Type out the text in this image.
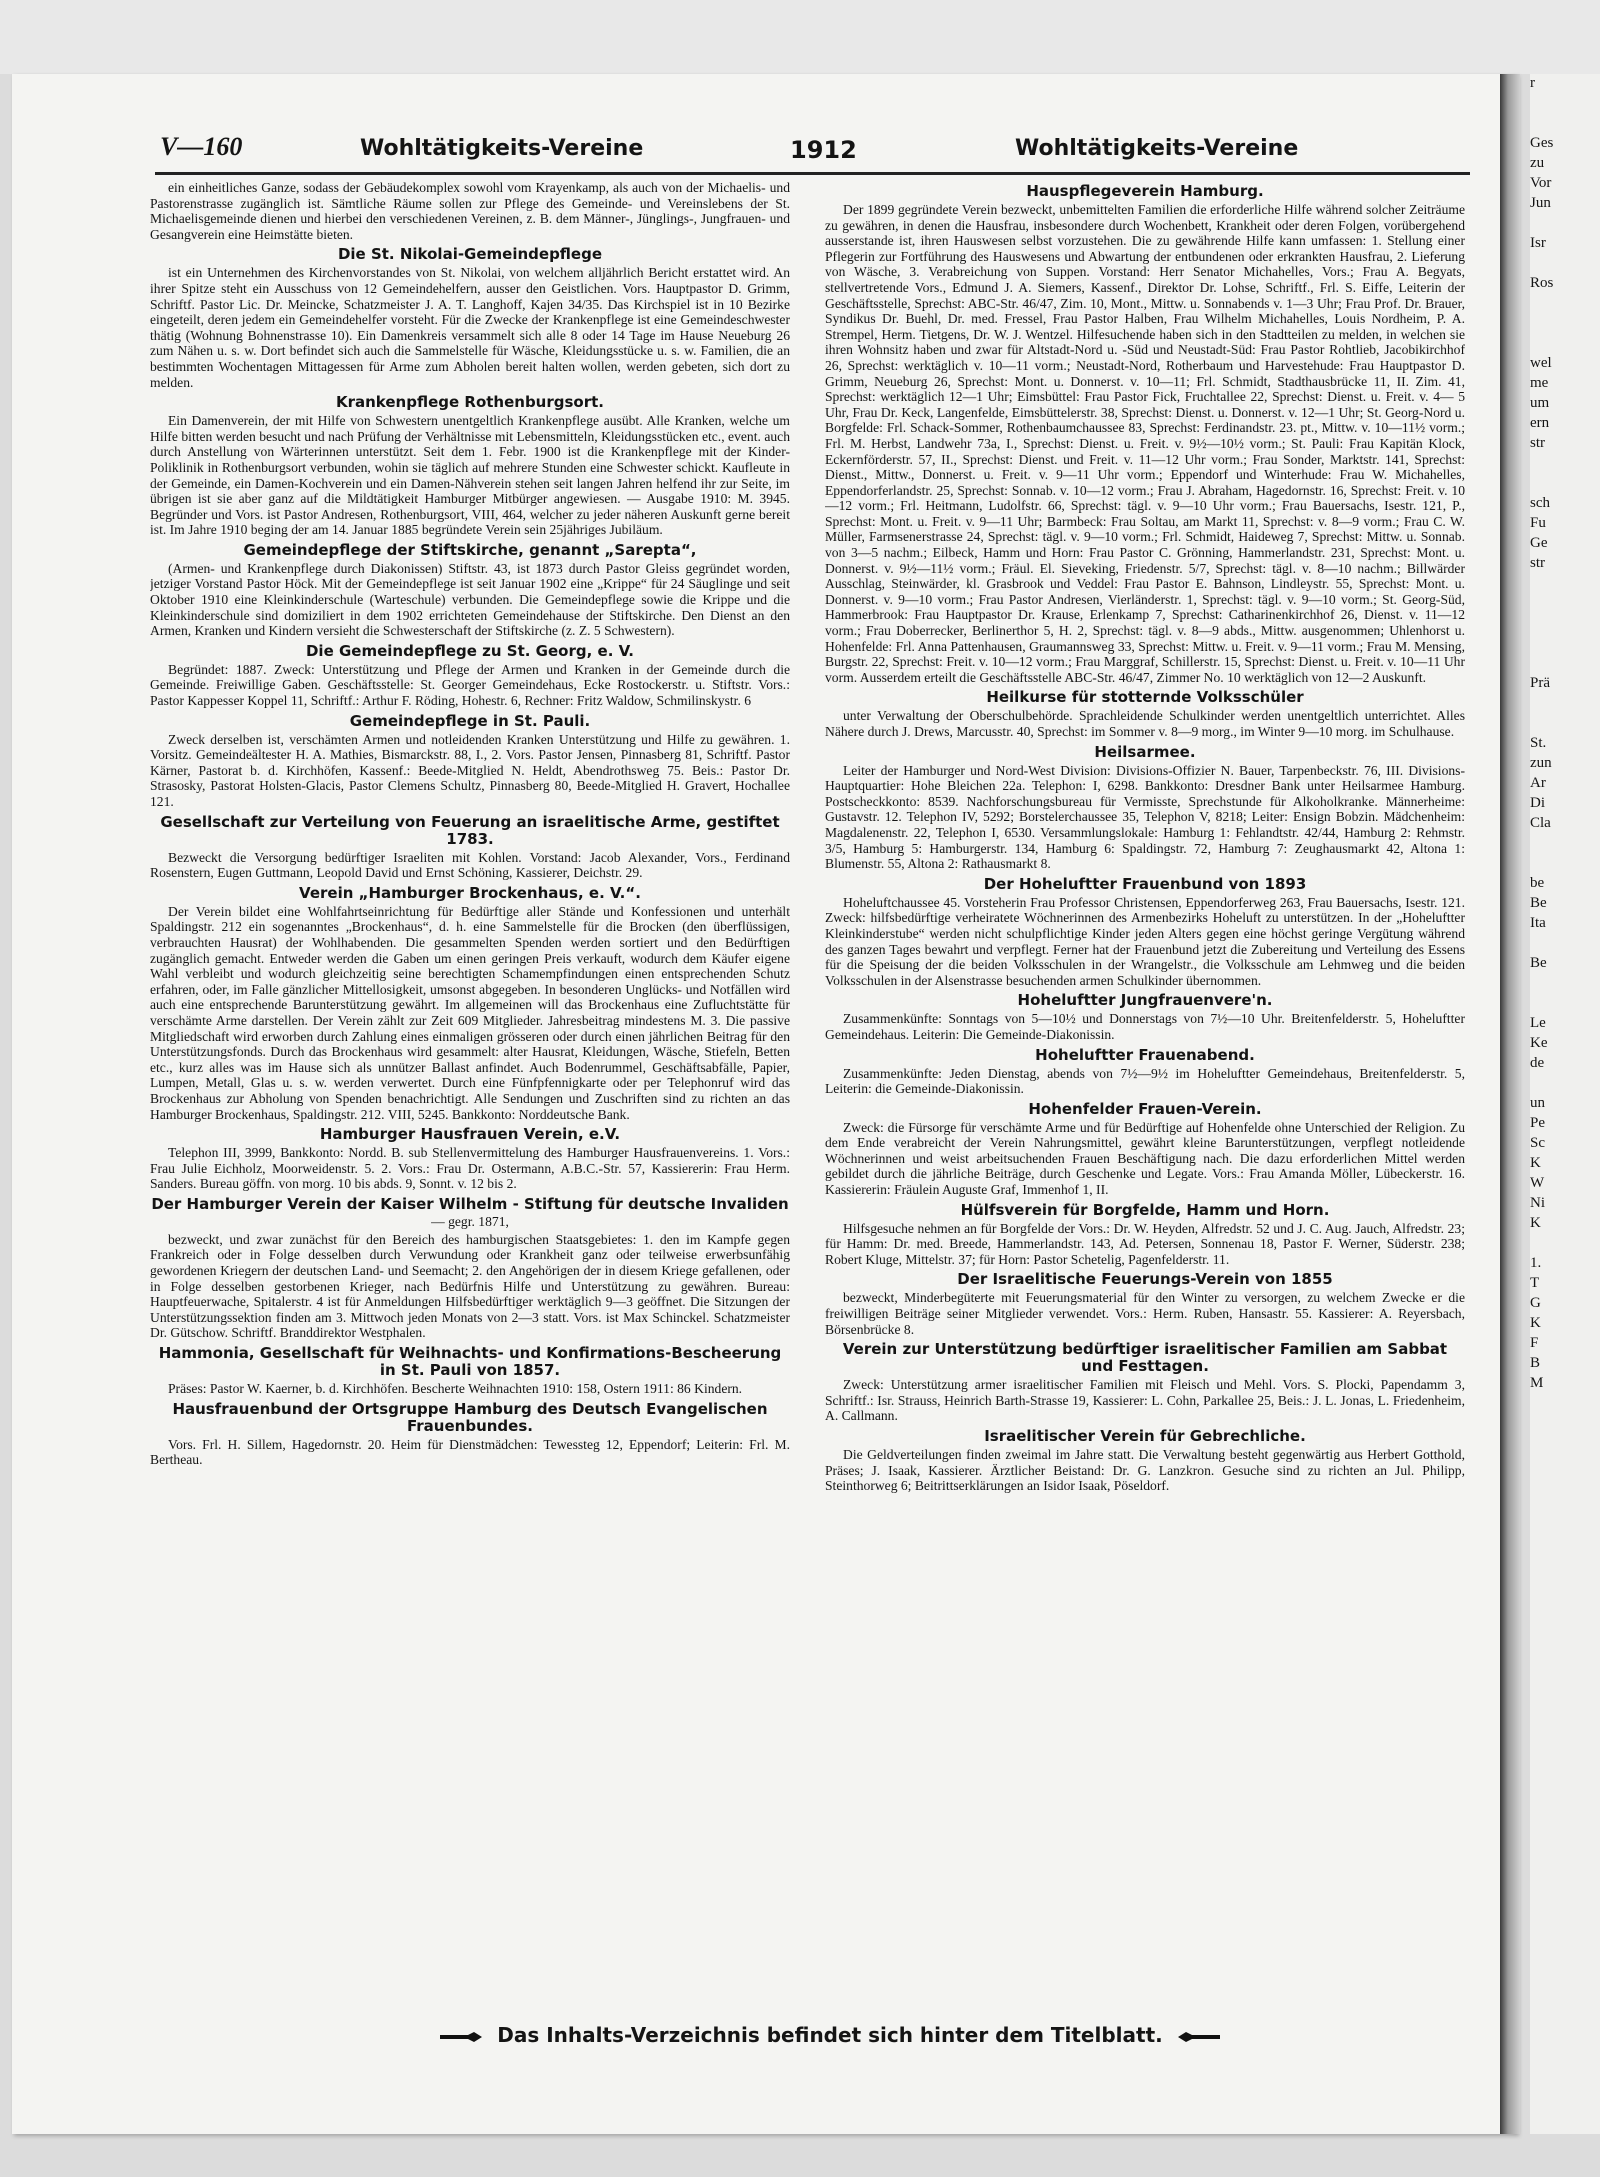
r
Ges
zu
Vor
Jun
Isr
Ros
wel
me
um
ern
str
sch
Fu
Ge
str
Prä
St.
zun
Ar
Di
Cla
be
Be
Ita
Be
Le
Ke
de
un
Pe
Sc
K
W
Ni
K
1.
T
G
K
F
B
M
V—160	Wohltätigkeits-Vereine	1912	Wohltätigkeits-Vereine

ein einheitliches Ganze, sodass der Gebäudekomplex sowohl vom Krayenkamp, als auch von der Michaelis- und Pastorenstrasse zugänglich ist. Sämtliche Räume sollen zur Pflege des Gemeinde- und Vereinslebens der St. Michaelisgemeinde dienen und hierbei den verschiedenen Vereinen, z. B. dem Männer-, Jünglings-, Jungfrauen- und Gesangverein eine Heimstätte bieten.

Die St. Nikolai-Gemeindepflege

ist ein Unternehmen des Kirchenvorstandes von St. Nikolai, von welchem alljährlich Bericht erstattet wird. An ihrer Spitze steht ein Ausschuss von 12 Gemeindehelfern, ausser den Geistlichen. Vors. Hauptpastor D. Grimm, Schriftf. Pastor Lic. Dr. Meincke, Schatzmeister J. A. T. Langhoff, Kajen 34/35. Das Kirchspiel ist in 10 Bezirke eingeteilt, deren jedem ein Gemeindehelfer vorsteht. Für die Zwecke der Krankenpflege ist eine Gemeindeschwester thätig (Wohnung Bohnenstrasse 10). Ein Damenkreis versammelt sich alle 8 oder 14 Tage im Hause Neueburg 26 zum Nähen u. s. w. Dort befindet sich auch die Sammelstelle für Wäsche, Kleidungsstücke u. s. w. Familien, die an bestimmten Wochentagen Mittagessen für Arme zum Abholen bereit halten wollen, werden gebeten, sich dort zu melden.

Krankenpflege Rothenburgsort.

Ein Damenverein, der mit Hilfe von Schwestern unentgeltlich Krankenpflege ausübt. Alle Kranken, welche um Hilfe bitten werden besucht und nach Prüfung der Verhältnisse mit Lebensmitteln, Kleidungsstücken etc., event. auch durch Anstellung von Wärterinnen unterstützt. Seit dem 1. Febr. 1900 ist die Krankenpflege mit der Kinder-Poliklinik in Rothenburgsort verbunden, wohin sie täglich auf mehrere Stunden eine Schwester schickt. Kaufleute in der Gemeinde, ein Damen-Kochverein und ein Damen-Nähverein stehen seit langen Jahren helfend ihr zur Seite, im übrigen ist sie aber ganz auf die Mildtätigkeit Hamburger Mitbürger angewiesen. — Ausgabe 1910: M. 3945. Begründer und Vors. ist Pastor Andresen, Rothenburgsort, VIII, 464, welcher zu jeder näheren Auskunft gerne bereit ist. Im Jahre 1910 beging der am 14. Januar 1885 begründete Verein sein 25jähriges Jubiläum.

Gemeindepflege der Stiftskirche, genannt „Sarepta“,

(Armen- und Krankenpflege durch Diakonissen) Stiftstr. 43, ist 1873 durch Pastor Gleiss gegründet worden, jetziger Vorstand Pastor Höck. Mit der Gemeindepflege ist seit Januar 1902 eine „Krippe“ für 24 Säuglinge und seit Oktober 1910 eine Kleinkinderschule (Warteschule) verbunden. Die Gemeindepflege sowie die Krippe und die Kleinkinderschule sind domiziliert in dem 1902 errichteten Gemeindehause der Stiftskirche. Den Dienst an den Armen, Kranken und Kindern versieht die Schwesterschaft der Stiftskirche (z. Z. 5 Schwestern).

Die Gemeindepflege zu St. Georg, e. V.

Begründet: 1887. Zweck: Unterstützung und Pflege der Armen und Kranken in der Gemeinde durch die Gemeinde. Freiwillige Gaben. Geschäftsstelle: St. Georger Gemeindehaus, Ecke Rostockerstr. u. Stiftstr. Vors.: Pastor Kappesser Koppel 11, Schriftf.: Arthur F. Röding, Hohestr. 6, Rechner: Fritz Waldow, Schmilinskystr. 6

Gemeindepflege in St. Pauli.

Zweck derselben ist, verschämten Armen und notleidenden Kranken Unterstützung und Hilfe zu gewähren. 1. Vorsitz. Gemeindeältester H. A. Mathies, Bismarckstr. 88, I., 2. Vors. Pastor Jensen, Pinnasberg 81, Schriftf. Pastor Kärner, Pastorat b. d. Kirchhöfen, Kassenf.: Beede-Mitglied N. Heldt, Abendrothsweg 75. Beis.: Pastor Dr. Strasosky, Pastorat Holsten-Glacis, Pastor Clemens Schultz, Pinnasberg 80, Beede-Mitglied H. Gravert, Hochallee 121.

Gesellschaft zur Verteilung von Feuerung an israelitische Arme, gestiftet 1783.

Bezweckt die Versorgung bedürftiger Israeliten mit Kohlen. Vorstand: Jacob Alexander, Vors., Ferdinand Rosenstern, Eugen Guttmann, Leopold David und Ernst Schöning, Kassierer, Deichstr. 29.

Verein „Hamburger Brockenhaus, e. V.“.

Der Verein bildet eine Wohlfahrtseinrichtung für Bedürftige aller Stände und Konfessionen und unterhält Spaldingstr. 212 ein sogenanntes „Brockenhaus“, d. h. eine Sammelstelle für die Brocken (den überflüssigen, verbrauchten Hausrat) der Wohlhabenden. Die gesammelten Spenden werden sortiert und den Bedürftigen zugänglich gemacht. Entweder werden die Gaben um einen geringen Preis verkauft, wodurch dem Käufer eigene Wahl verbleibt und wodurch gleichzeitig seine berechtigten Schamempfindungen einen entsprechenden Schutz erfahren, oder, im Falle gänzlicher Mittellosigkeit, umsonst abgegeben. In besonderen Unglücks- und Notfällen wird auch eine entsprechende Barunterstützung gewährt. Im allgemeinen will das Brockenhaus eine Zufluchtstätte für verschämte Arme darstellen. Der Verein zählt zur Zeit 609 Mitglieder. Jahresbeitrag mindestens M. 3. Die passive Mitgliedschaft wird erworben durch Zahlung eines einmaligen grösseren oder durch einen jährlichen Beitrag für den Unterstützungsfonds. Durch das Brockenhaus wird gesammelt: alter Hausrat, Kleidungen, Wäsche, Stiefeln, Betten etc., kurz alles was im Hause sich als unnützer Ballast anfindet. Auch Bodenrummel, Geschäftsabfälle, Papier, Lumpen, Metall, Glas u. s. w. werden verwertet. Durch eine Fünfpfennigkarte oder per Telephonruf wird das Brockenhaus zur Abholung von Spenden benachrichtigt. Alle Sendungen und Zuschriften sind zu richten an das Hamburger Brockenhaus, Spaldingstr. 212. VIII, 5245. Bankkonto: Norddeutsche Bank.

Hamburger Hausfrauen Verein, e.V.

Telephon III, 3999, Bankkonto: Nordd. B. sub Stellenvermittelung des Hamburger Hausfrauenvereins. 1. Vors.: Frau Julie Eichholz, Moorweidenstr. 5. 2. Vors.: Frau Dr. Ostermann, A.B.C.-Str. 57, Kassiererin: Frau Herm. Sanders. Bureau göffn. von morg. 10 bis abds. 9, Sonnt. v. 12 bis 2.

Der Hamburger Verein der Kaiser Wilhelm - Stiftung für deutsche Invaliden — gegr. 1871,

bezweckt, und zwar zunächst für den Bereich des hamburgischen Staatsgebietes: 1. den im Kampfe gegen Frankreich oder in Folge desselben durch Verwundung oder Krankheit ganz oder teilweise erwerbsunfähig gewordenen Kriegern der deutschen Land- und Seemacht; 2. den Angehörigen der in diesem Kriege gefallenen, oder in Folge desselben gestorbenen Krieger, nach Bedürfnis Hilfe und Unterstützung zu gewähren. Bureau: Hauptfeuerwache, Spitalerstr. 4 ist für Anmeldungen Hilfsbedürftiger werktäglich 9—3 geöffnet. Die Sitzungen der Unterstützungssektion finden am 3. Mittwoch jeden Monats von 2—3 statt. Vors. ist Max Schinckel. Schatzmeister Dr. Gütschow. Schriftf. Branddirektor Westphalen.

Hammonia, Gesellschaft für Weihnachts- und Konfirmations-Bescheerung in St. Pauli von 1857.

Präses: Pastor W. Kaerner, b. d. Kirchhöfen. Bescherte Weihnachten 1910: 158, Ostern 1911: 86 Kindern.

Hausfrauenbund der Ortsgruppe Hamburg des Deutsch Evangelischen Frauenbundes.

Vors. Frl. H. Sillem, Hagedornstr. 20. Heim für Dienstmädchen: Tewessteg 12, Eppendorf; Leiterin: Frl. M. Bertheau.

Hauspflegeverein Hamburg.

Der 1899 gegründete Verein bezweckt, unbemittelten Familien die erforderliche Hilfe während solcher Zeiträume zu gewähren, in denen die Hausfrau, insbesondere durch Wochenbett, Krankheit oder deren Folgen, vorübergehend ausserstande ist, ihren Hauswesen selbst vorzustehen. Die zu gewährende Hilfe kann umfassen: 1. Stellung einer Pflegerin zur Fortführung des Hauswesens und Abwartung der entbundenen oder erkrankten Hausfrau, 2. Lieferung von Wäsche, 3. Verabreichung von Suppen. Vorstand: Herr Senator Michahelles, Vors.; Frau A. Begyats, stellvertretende Vors., Edmund J. A. Siemers, Kassenf., Direktor Dr. Lohse, Schriftf., Frl. S. Eiffe, Leiterin der Geschäftsstelle, Sprechst: ABC-Str. 46/47, Zim. 10, Mont., Mittw. u. Sonnabends v. 1—3 Uhr; Frau Prof. Dr. Brauer, Syndikus Dr. Buehl, Dr. med. Fressel, Frau Pastor Halben, Frau Wilhelm Michahelles, Louis Nordheim, P. A. Strempel, Herm. Tietgens, Dr. W. J. Wentzel. Hilfesuchende haben sich in den Stadtteilen zu melden, in welchen sie ihren Wohnsitz haben und zwar für Altstadt-Nord u. -Süd und Neustadt-Süd: Frau Pastor Rohtlieb, Jacobikirchhof 26, Sprechst: werktäglich v. 10—11 vorm.; Neustadt-Nord, Rotherbaum und Harvestehude: Frau Hauptpastor D. Grimm, Neueburg 26, Sprechst: Mont. u. Donnerst. v. 10—11; Frl. Schmidt, Stadthausbrücke 11, II. Zim. 41, Sprechst: werktäglich 12—1 Uhr; Eimsbüttel: Frau Pastor Fick, Fruchtallee 22, Sprechst: Dienst. u. Freit. v. 4— 5 Uhr, Frau Dr. Keck, Langenfelde, Eimsbüttelerstr. 38, Sprechst: Dienst. u. Donnerst. v. 12—1 Uhr; St. Georg-Nord u. Borgfelde: Frl. Schack-Sommer, Rothenbaumchaussee 83, Sprechst: Ferdinandstr. 23. pt., Mittw. v. 10—11½ vorm.; Frl. M. Herbst, Landwehr 73a, I., Sprechst: Dienst. u. Freit. v. 9½—10½ vorm.; St. Pauli: Frau Kapitän Klock, Eckernförderstr. 57, II., Sprechst: Dienst. und Freit. v. 11—12 Uhr vorm.; Frau Sonder, Marktstr. 141, Sprechst: Dienst., Mittw., Donnerst. u. Freit. v. 9—11 Uhr vorm.; Eppendorf und Winterhude: Frau W. Michahelles, Eppendorferlandstr. 25, Sprechst: Sonnab. v. 10—12 vorm.; Frau J. Abraham, Hagedornstr. 16, Sprechst: Freit. v. 10—12 vorm.; Frl. Heitmann, Ludolfstr. 66, Sprechst: tägl. v. 9—10 Uhr vorm.; Frau Bauersachs, Isestr. 121, P., Sprechst: Mont. u. Freit. v. 9—11 Uhr; Barmbeck: Frau Soltau, am Markt 11, Sprechst: v. 8—9 vorm.; Frau C. W. Müller, Farmsenerstrasse 24, Sprechst: tägl. v. 9—10 vorm.; Frl. Schmidt, Haideweg 7, Sprechst: Mittw. u. Sonnab. von 3—5 nachm.; Eilbeck, Hamm und Horn: Frau Pastor C. Grönning, Hammerlandstr. 231, Sprechst: Mont. u. Donnerst. v. 9½—11½ vorm.; Fräul. El. Sieveking, Friedenstr. 5/7, Sprechst: tägl. v. 8—10 nachm.; Billwärder Ausschlag, Steinwärder, kl. Grasbrook und Veddel: Frau Pastor E. Bahnson, Lindleystr. 55, Sprechst: Mont. u. Donnerst. v. 9—10 vorm.; Frau Pastor Andresen, Vierländerstr. 1, Sprechst: tägl. v. 9—10 vorm.; St. Georg-Süd, Hammerbrook: Frau Hauptpastor Dr. Krause, Erlenkamp 7, Sprechst: Catharinenkirchhof 26, Dienst. v. 11—12 vorm.; Frau Doberrecker, Berlinerthor 5, H. 2, Sprechst: tägl. v. 8—9 abds., Mittw. ausgenommen; Uhlenhorst u. Hohenfelde: Frl. Anna Pattenhausen, Graumannsweg 33, Sprechst: Mittw. u. Freit. v. 9—11 vorm.; Frau M. Mensing, Burgstr. 22, Sprechst: Freit. v. 10—12 vorm.; Frau Marggraf, Schillerstr. 15, Sprechst: Dienst. u. Freit. v. 10—11 Uhr vorm. Ausserdem erteilt die Geschäftsstelle ABC-Str. 46/47, Zimmer No. 10 werktäglich von 12—2 Auskunft.

Heilkurse für stotternde Volksschüler

unter Verwaltung der Oberschulbehörde. Sprachleidende Schulkinder werden unentgeltlich unterrichtet. Alles Nähere durch J. Drews, Marcusstr. 40, Sprechst: im Sommer v. 8—9 morg., im Winter 9—10 morg. im Schulhause.

Heilsarmee.

Leiter der Hamburger und Nord-West Division: Divisions-Offizier N. Bauer, Tarpenbeckstr. 76, III. Divisions-Hauptquartier: Hohe Bleichen 22a. Telephon: I, 6298. Bankkonto: Dresdner Bank unter Heilsarmee Hamburg. Postscheckkonto: 8539. Nachforschungsbureau für Vermisste, Sprechstunde für Alkoholkranke. Männerheime: Gustavstr. 12. Telephon IV, 5292; Borstelerchaussee 35, Telephon V, 8218; Leiter: Ensign Bobzin. Mädchenheim: Magdalenenstr. 22, Telephon I, 6530. Versammlungslokale: Hamburg 1: Fehlandtstr. 42/44, Hamburg 2: Rehmstr. 3/5, Hamburg 5: Hamburgerstr. 134, Hamburg 6: Spaldingstr. 72, Hamburg 7: Zeughausmarkt 42, Altona 1: Blumenstr. 55, Altona 2: Rathausmarkt 8.

Der Hoheluftter Frauenbund von 1893

Hoheluftchaussee 45. Vorsteherin Frau Professor Christensen, Eppendorferweg 263, Frau Bauersachs, Isestr. 121. Zweck: hilfsbedürftige verheiratete Wöchnerinnen des Armenbezirks Hoheluft zu unterstützen. In der „Hoheluftter Kleinkinderstube“ werden nicht schulpflichtige Kinder jeden Alters gegen eine höchst geringe Vergütung während des ganzen Tages bewahrt und verpflegt. Ferner hat der Frauenbund jetzt die Zubereitung und Verteilung des Essens für die Speisung der die beiden Volksschulen in der Wrangelstr., die Volksschule am Lehmweg und die beiden Volksschulen in der Alsenstrasse besuchenden armen Schulkinder übernommen.

Hoheluftter Jungfrauenvere'n.

Zusammenkünfte: Sonntags von 5—10½ und Donnerstags von 7½—10 Uhr. Breitenfelderstr. 5, Hoheluftter Gemeindehaus. Leiterin: Die Gemeinde-Diakonissin.

Hoheluftter Frauenabend.

Zusammenkünfte: Jeden Dienstag, abends von 7½—9½ im Hoheluftter Gemeindehaus, Breitenfelderstr. 5, Leiterin: die Gemeinde-Diakonissin.

Hohenfelder Frauen-Verein.

Zweck: die Fürsorge für verschämte Arme und für Bedürftige auf Hohenfelde ohne Unterschied der Religion. Zu dem Ende verabreicht der Verein Nahrungsmittel, gewährt kleine Barunterstützungen, verpflegt notleidende Wöchnerinnen und weist arbeitsuchenden Frauen Beschäftigung nach. Die dazu erforderlichen Mittel werden gebildet durch die jährliche Beiträge, durch Geschenke und Legate. Vors.: Frau Amanda Möller, Lübeckerstr. 16. Kassiererin: Fräulein Auguste Graf, Immenhof 1, II.

Hülfsverein für Borgfelde, Hamm und Horn.

Hilfsgesuche nehmen an für Borgfelde der Vors.: Dr. W. Heyden, Alfredstr. 52 und J. C. Aug. Jauch, Alfredstr. 23; für Hamm: Dr. med. Breede, Hammerlandstr. 143, Ad. Petersen, Sonnenau 18, Pastor F. Werner, Süderstr. 238; Robert Kluge, Mittelstr. 37; für Horn: Pastor Schetelig, Pagenfelderstr. 11.

Der Israelitische Feuerungs-Verein von 1855

bezweckt, Minderbegüterte mit Feuerungsmaterial für den Winter zu versorgen, zu welchem Zwecke er die freiwilligen Beiträge seiner Mitglieder verwendet. Vors.: Herm. Ruben, Hansastr. 55. Kassierer: A. Reyersbach, Börsenbrücke 8.

Verein zur Unterstützung bedürftiger israelitischer Familien am Sabbat und Festtagen.

Zweck: Unterstützung armer israelitischer Familien mit Fleisch und Mehl. Vors. S. Plocki, Papendamm 3, Schriftf.: Isr. Strauss, Heinrich Barth-Strasse 19, Kassierer: L. Cohn, Parkallee 25, Beis.: J. L. Jonas, L. Friedenheim, A. Callmann.

Israelitischer Verein für Gebrechliche.

Die Geldverteilungen finden zweimal im Jahre statt. Die Verwaltung besteht gegenwärtig aus Herbert Gotthold, Präses; J. Isaak, Kassierer. Ärztlicher Beistand: Dr. G. Lanzkron. Gesuche sind zu richten an Jul. Philipp, Steinthorweg 6; Beitrittserklärungen an Isidor Isaak, Pöseldorf.

Das Inhalts-Verzeichnis befindet sich hinter dem Titelblatt.
